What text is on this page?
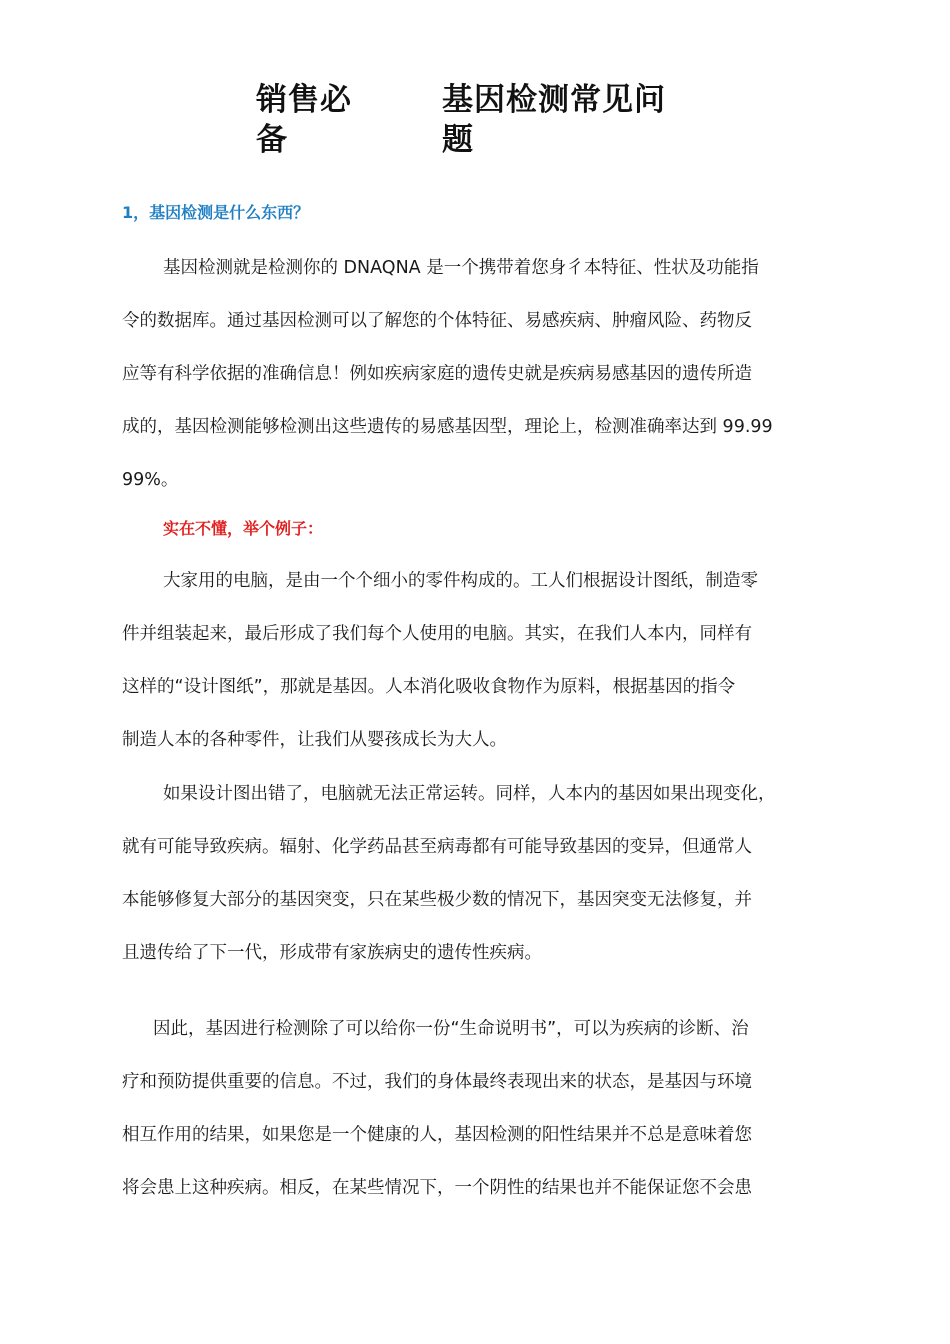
销售必
备
基因检测常见问
题
1，基因检测是什么东西？
基因检测就是检测你的 DNAQNA 是一个携带着您身彳本特征、性状及功能指
令的数据库。通过基因检测可以了解您的个体特征、易感疾病、肿瘤风险、药物反
应等有科学依据的准确信息！例如疾病家庭的遗传史就是疾病易感基因的遗传所造
成的，基因检测能够检测出这些遗传的易感基因型，理论上，检测准确率达到 99.99
99%。
实在不懂，举个例子：
大家用的电脑，是由一个个细小的零件构成的。工人们根据设计图纸，制造零
件并组装起来，最后形成了我们每个人使用的电脑。其实，在我们人本内，同样有
这样的“设计图纸”，那就是基因。人本消化吸收食物作为原料，根据基因的指令
制造人本的各种零件，让我们从婴孩成长为大人。
如果设计图出错了，电脑就无法正常运转。同样，人本内的基因如果出现变化，
就有可能导致疾病。辐射、化学药品甚至病毒都有可能导致基因的变异，但通常人
本能够修复大部分的基因突变，只在某些极少数的情况下，基因突变无法修复，并
且遗传给了下一代，形成带有家族病史的遗传性疾病。
因此，基因进行检测除了可以给你一份“生命说明书”，可以为疾病的诊断、治
疗和预防提供重要的信息。不过，我们的身体最终表现出来的状态，是基因与环境
相互作用的结果，如果您是一个健康的人，基因检测的阳性结果并不总是意味着您
将会患上这种疾病。相反，在某些情况下，一个阴性的结果也并不能保证您不会患
